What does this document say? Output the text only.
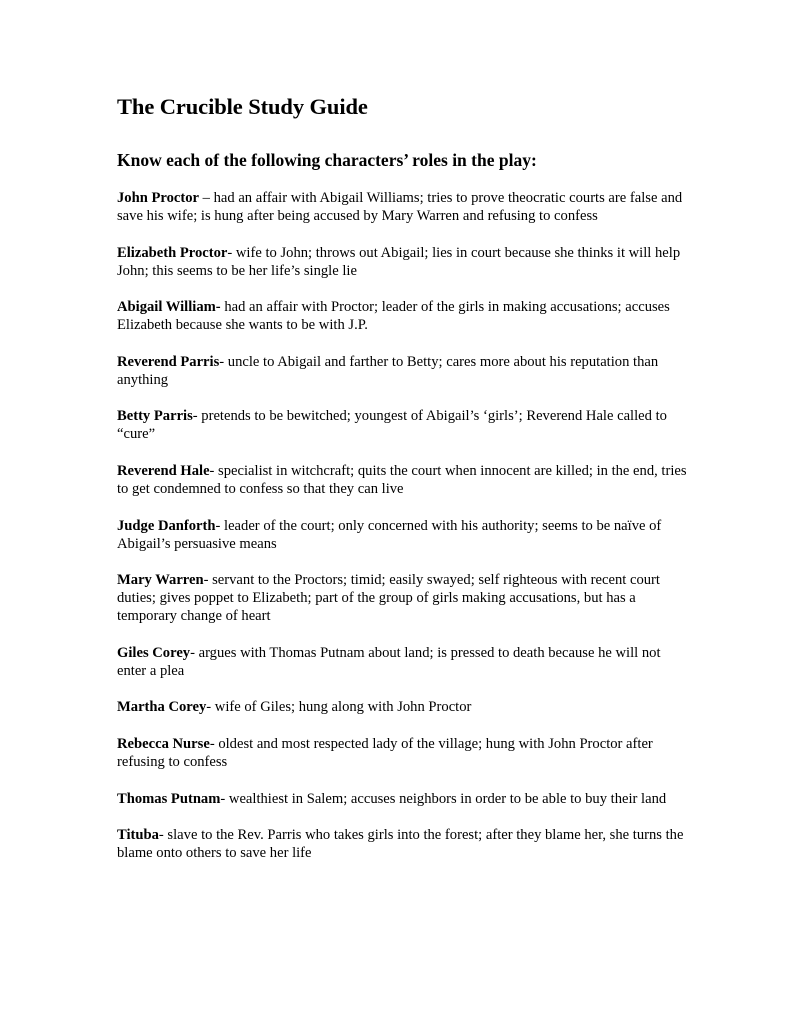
The Crucible Study Guide
Know each of the following characters’ roles in the play:

John Proctor – had an affair with Abigail Williams; tries to prove theocratic courts are false and save his wife; is hung after being accused by Mary Warren and refusing to confess

Elizabeth Proctor- wife to John; throws out Abigail; lies in court because she thinks it will help John; this seems to be her life’s single lie

Abigail William- had an affair with Proctor; leader of the girls in making accusations; accuses Elizabeth because she wants to be with J.P.

Reverend Parris- uncle to Abigail and farther to Betty; cares more about his reputation than anything

Betty Parris- pretends to be bewitched; youngest of Abigail’s ‘girls’; Reverend Hale called to “cure”

Reverend Hale- specialist in witchcraft; quits the court when innocent are killed; in the end, tries to get condemned to confess so that they can live

Judge Danforth- leader of the court; only concerned with his authority; seems to be naïve of Abigail’s persuasive means

Mary Warren- servant to the Proctors; timid; easily swayed; self righteous with recent court duties; gives poppet to Elizabeth; part of the group of girls making accusations, but has a temporary change of heart

Giles Corey- argues with Thomas Putnam about land; is pressed to death because he will not enter a plea

Martha Corey- wife of Giles; hung along with John Proctor

Rebecca Nurse- oldest and most respected lady of the village; hung with John Proctor after refusing to confess

Thomas Putnam- wealthiest in Salem; accuses neighbors in order to be able to buy their land

Tituba- slave to the Rev. Parris who takes girls into the forest; after they blame her, she turns the blame onto others to save her life
